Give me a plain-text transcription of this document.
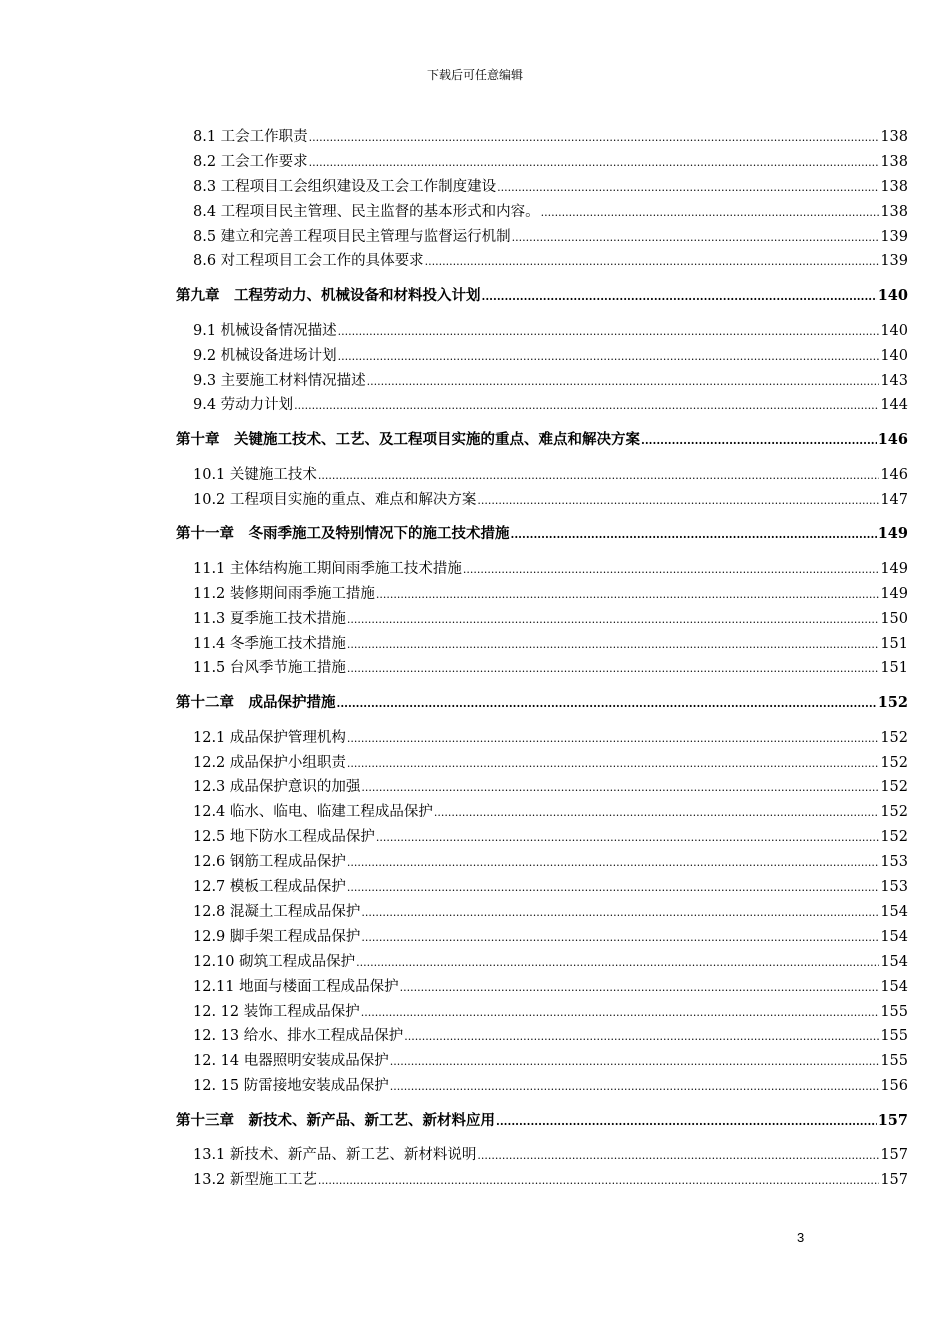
下载后可任意编辑
8.1 工会工作职责 .....	138
8.2 工会工作要求 .....	138
8.3 工程项目工会组织建设及工会工作制度建设 .....	138
8.4 工程项目民主管理、民主监督的基本形式和内容。 .....	138
8.5 建立和完善工程项目民主管理与监督运行机制 .....	139
8.6 对工程项目工会工作的具体要求 .....	139
第九章　工程劳动力、机械设备和材料投入计划 .....	140
9.1 机械设备情况描述 .....	140
9.2 机械设备进场计划 .....	140
9.3 主要施工材料情况描述 .....	143
9.4 劳动力计划 .....	144
第十章　关键施工技术、工艺、及工程项目实施的重点、难点和解决方案 .....	146
10.1 关键施工技术 .....	146
10.2 工程项目实施的重点、难点和解决方案 .....	147
第十一章　冬雨季施工及特别情况下的施工技术措施 .....	149
11.1 主体结构施工期间雨季施工技术措施 .....	149
11.2 装修期间雨季施工措施 .....	149
11.3 夏季施工技术措施 .....	150
11.4 冬季施工技术措施 .....	151
11.5 台风季节施工措施 .....	151
第十二章　成品保护措施 .....	152
12.1 成品保护管理机构 .....	152
12.2 成品保护小组职责 .....	152
12.3 成品保护意识的加强 .....	152
12.4 临水、临电、临建工程成品保护 .....	152
12.5 地下防水工程成品保护 .....	152
12.6 钢筋工程成品保护 .....	153
12.7 模板工程成品保护 .....	153
12.8 混凝土工程成品保护 .....	154
12.9 脚手架工程成品保护 .....	154
12.10 砌筑工程成品保护 .....	154
12.11 地面与楼面工程成品保护 .....	154
12. 12 装饰工程成品保护 .....	155
12. 13 给水、排水工程成品保护 .....	155
12. 14 电器照明安装成品保护 .....	155
12. 15 防雷接地安装成品保护 .....	156
第十三章　新技术、新产品、新工艺、新材料应用 .....	157
13.1 新技术、新产品、新工艺、新材料说明 .....	157
13.2 新型施工工艺 .....	157
3
